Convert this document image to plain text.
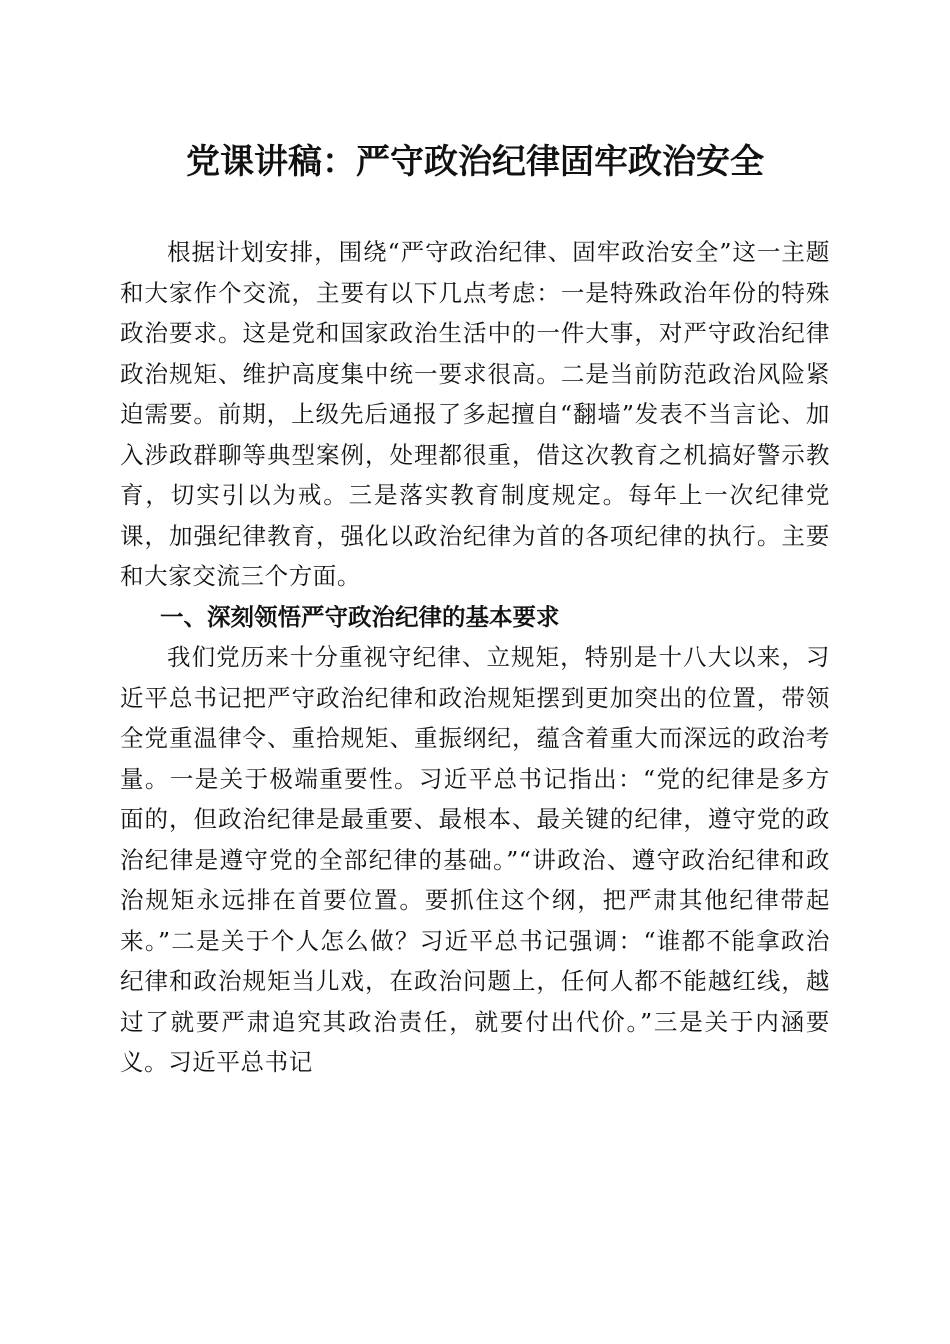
党课讲稿：严守政治纪律固牢政治安全

根据计划安排，围绕“严守政治纪律、固牢政治安全”这一主题和大家作个交流，主要有以下几点考虑：一是特殊政治年份的特殊政治要求。这是党和国家政治生活中的一件大事，对严守政治纪律政治规矩、维护高度集中统一要求很高。二是当前防范政治风险紧迫需要。前期，上级先后通报了多起擅自“翻墙”发表不当言论、加入涉政群聊等典型案例，处理都很重，借这次教育之机搞好警示教育，切实引以为戒。三是落实教育制度规定。每年上一次纪律党课，加强纪律教育，强化以政治纪律为首的各项纪律的执行。主要和大家交流三个方面。

一、深刻领悟严守政治纪律的基本要求

我们党历来十分重视守纪律、立规矩，特别是十八大以来，习近平总书记把严守政治纪律和政治规矩摆到更加突出的位置，带领全党重温律令、重拾规矩、重振纲纪，蕴含着重大而深远的政治考量。一是关于极端重要性。习近平总书记指出：“党的纪律是多方面的，但政治纪律是最重要、最根本、最关键的纪律，遵守党的政治纪律是遵守党的全部纪律的基础。”“讲政治、遵守政治纪律和政治规矩永远排在首要位置。要抓住这个纲，把严肃其他纪律带起来。”二是关于个人怎么做？习近平总书记强调：“谁都不能拿政治纪律和政治规矩当儿戏，在政治问题上，任何人都不能越红线，越过了就要严肃追究其政治责任，就要付出代价。”三是关于内涵要义。习近平总书记
